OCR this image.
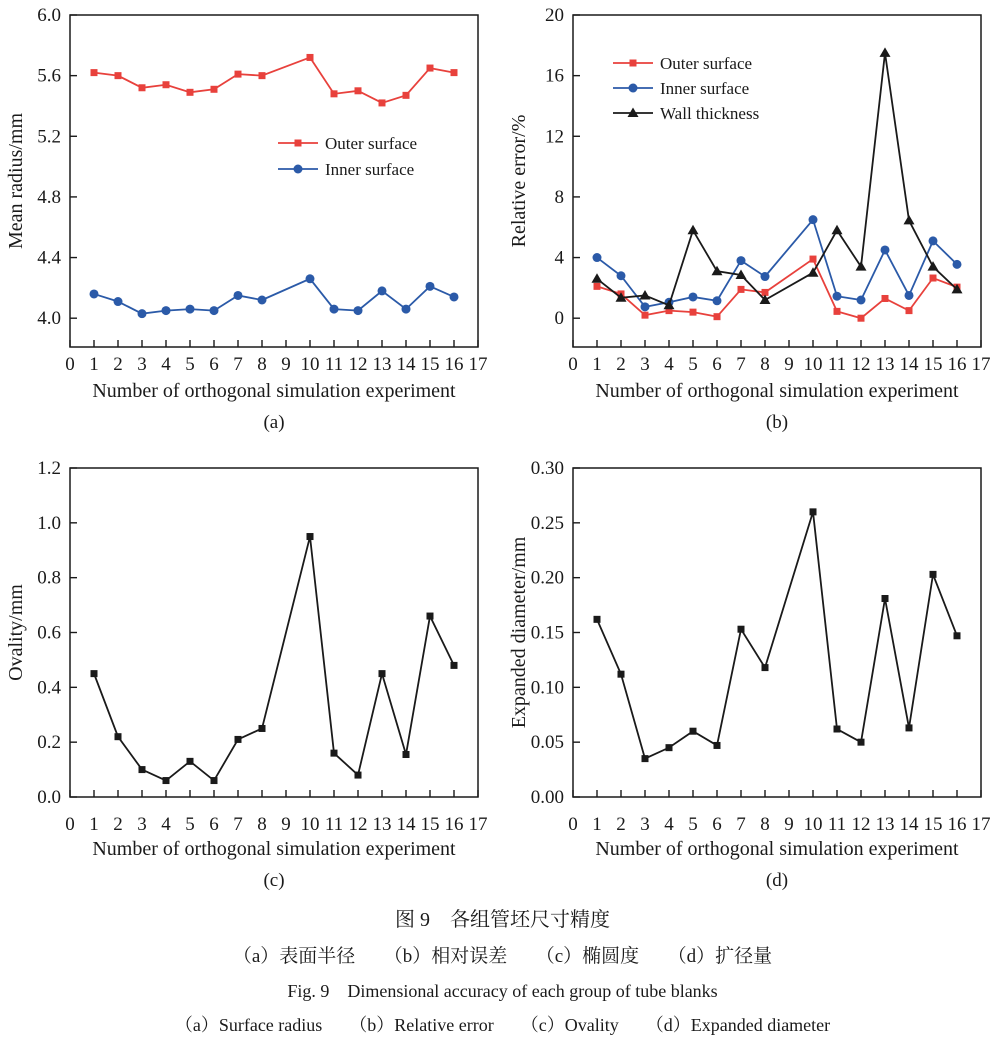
0 1 2 3 4 5 6 7 8 9 10 11 12 13 14 15 16 17
4.0
4.4
4.8
5.2
5.6
6.0
Outer surface
Inner surface
Number of orthogonal simulation experiment
Mean radius/mm
(a)
0 1 2 3 4 5 6 7 8 9 10 11 12 13 14 15 16 17
0
4
8
12
16
20
Outer surface
Inner surface
Wall thickness
Number of orthogonal simulation experiment
Relative error/%
(b)
0 1 2 3 4 5 6 7 8 9 10 11 12 13 14 15 16 17
0.0
0.2
0.4
0.6
0.8
1.0
1.2
Number of orthogonal simulation experiment
Ovality/mm
(c)
0 1 2 3 4 5 6 7 8 9 10 11 12 13 14 15 16 17
0.00
0.05
0.10
0.15
0.20
0.25
0.30
Number of orthogonal simulation experiment
Expanded diameter/mm
(d)
图 9　各组管坯尺寸精度
（a）表面半径　　（b）相对误差　　（c）椭圆度　　（d）扩径量
Fig. 9　Dimensional accuracy of each group of tube blanks
（a）Surface radius　　（b）Relative error　　（c）Ovality　　（d）Expanded diameter
